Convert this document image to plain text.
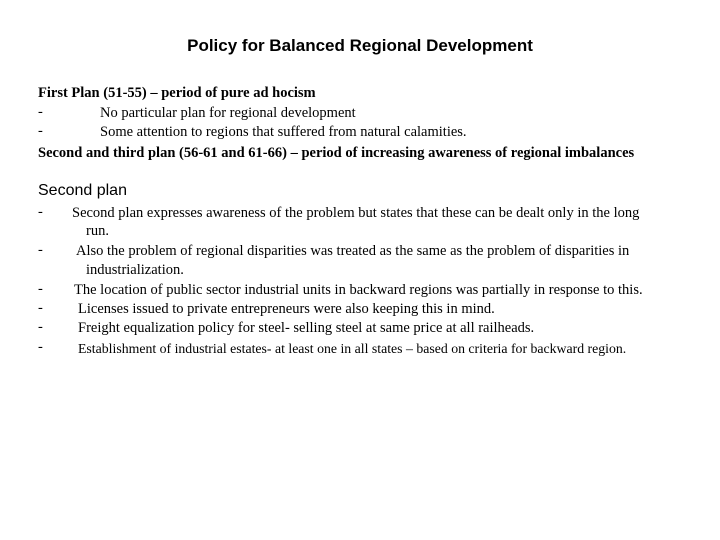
Policy for Balanced Regional Development
First Plan (51-55) – period of pure ad hocism
-	No particular plan for regional development
-	Some attention to regions that suffered from natural calamities.
Second and third plan (56-61 and 61-66) – period of increasing awareness of regional imbalances
Second plan
- Second plan expresses awareness of the problem but states that these can be dealt only in the long
run.
- Also the problem of regional disparities was treated as the same as the problem of disparities in
industrialization.
- The location of public sector industrial units in backward regions was partially in response to this.
- Licenses issued to private entrepreneurs were also keeping this in mind.
- Freight equalization policy for steel- selling steel at same price at all railheads.
-	Establishment of industrial estates- at least one in all states – based on criteria for backward region.
